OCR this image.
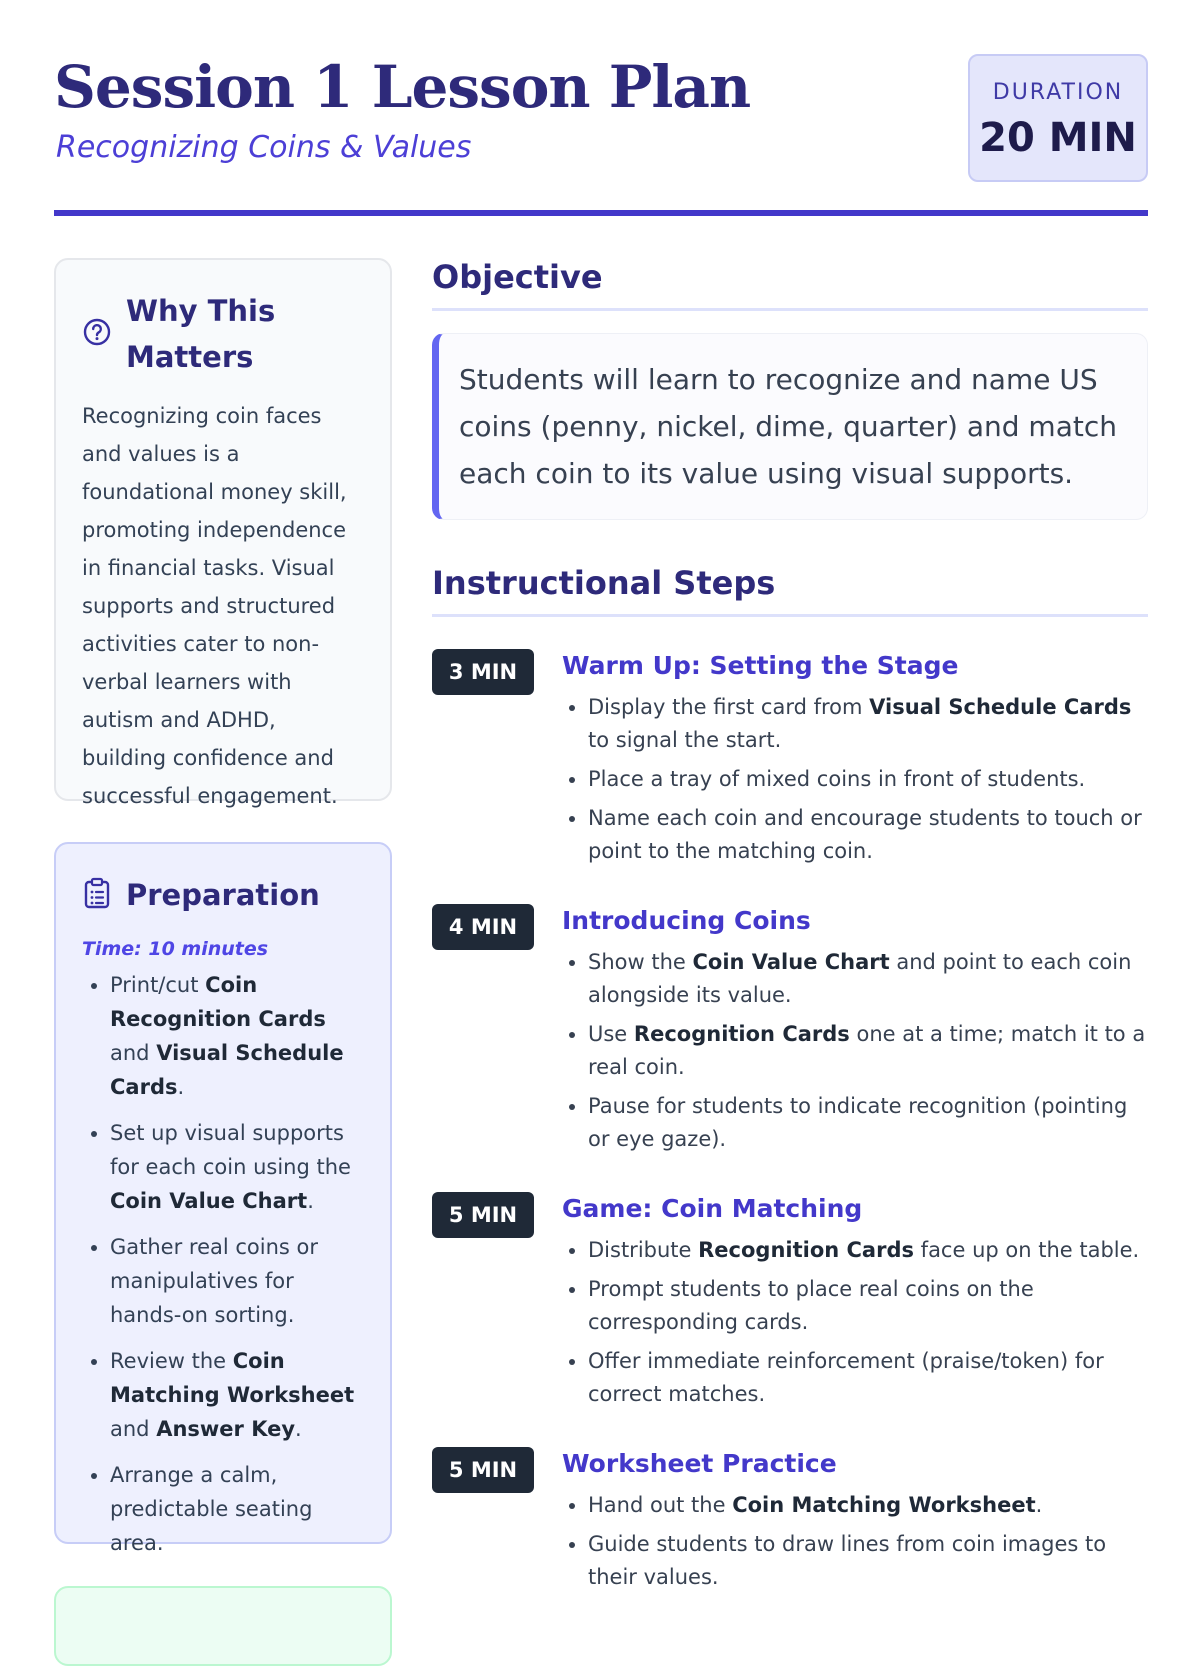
Session 1 Lesson Plan
Recognizing Coins & Values
DURATION
20 MIN
Why This Matters
Recognizing coin faces and values is a foundational money skill, promoting independence in financial tasks. Visual supports and structured activities cater to non-verbal learners with autism and ADHD, building confidence and successful engagement.
Preparation
Time: 10 minutes
• Print/cut Coin Recognition Cards and Visual Schedule Cards.
• Set up visual supports for each coin using the Coin Value Chart.
• Gather real coins or manipulatives for hands-on sorting.
• Review the Coin Matching Worksheet and Answer Key.
• Arrange a calm, predictable seating area.
Objective
Students will learn to recognize and name US coins (penny, nickel, dime, quarter) and match each coin to its value using visual supports.
Instructional Steps
3 MIN	Warm Up: Setting the Stage
• Display the first card from Visual Schedule Cards to signal the start.
• Place a tray of mixed coins in front of students.
• Name each coin and encourage students to touch or point to the matching coin.
4 MIN	Introducing Coins
• Show the Coin Value Chart and point to each coin alongside its value.
• Use Recognition Cards one at a time; match it to a real coin.
• Pause for students to indicate recognition (pointing or eye gaze).
5 MIN	Game: Coin Matching
• Distribute Recognition Cards face up on the table.
• Prompt students to place real coins on the corresponding cards.
• Offer immediate reinforcement (praise/token) for correct matches.
5 MIN	Worksheet Practice
• Hand out the Coin Matching Worksheet.
• Guide students to draw lines from coin images to their values.
